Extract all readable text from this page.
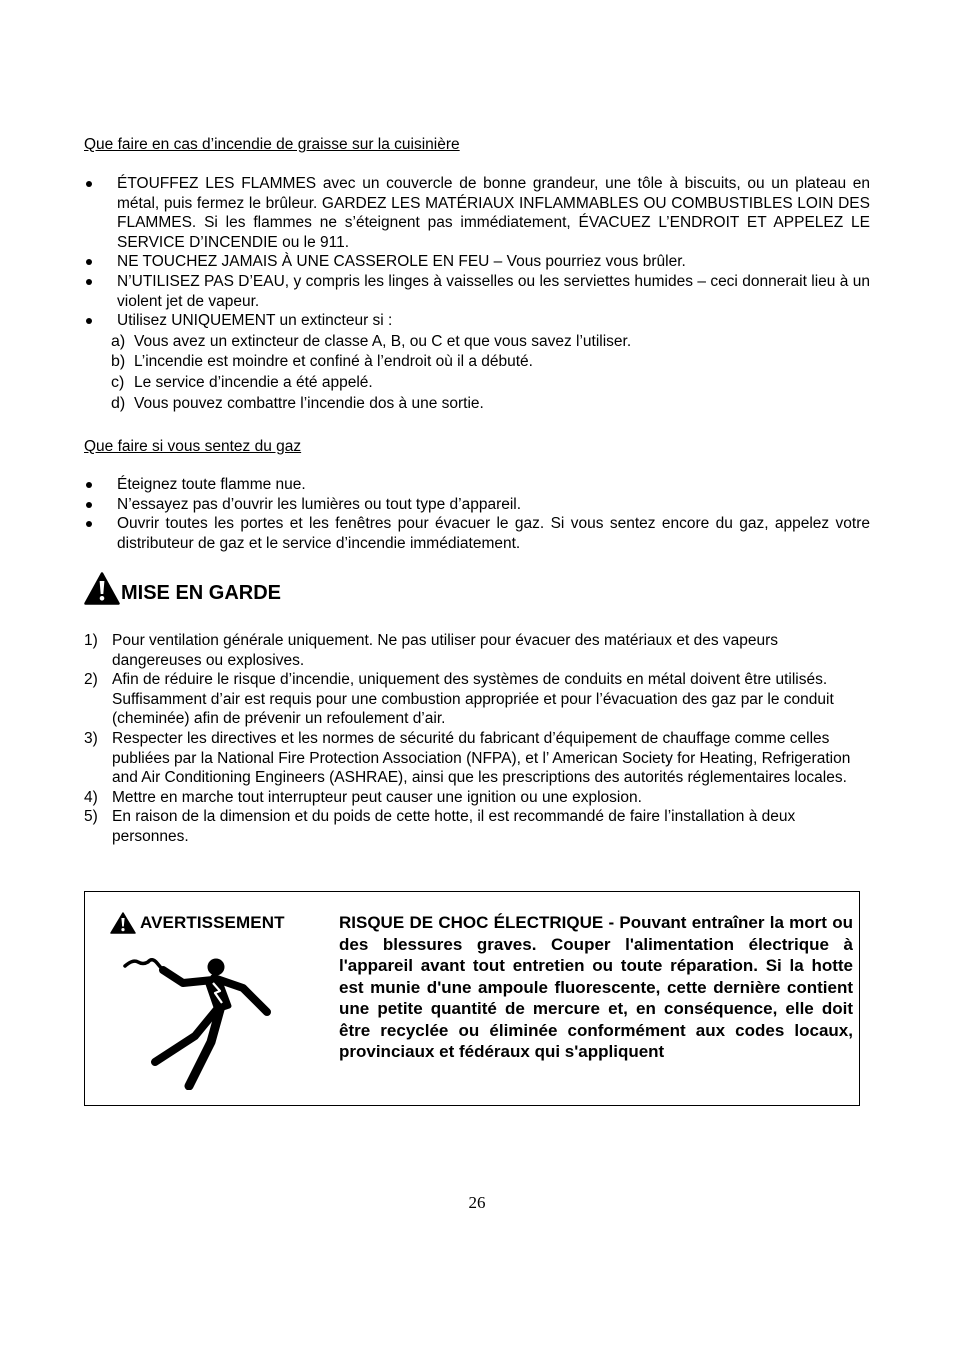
Que faire en cas d’incendie de graisse sur la cuisinière
ÉTOUFFEZ LES FLAMMES avec un couvercle de bonne grandeur, une tôle à biscuits, ou un plateau en métal, puis fermez le brûleur. GARDEZ LES MATÉRIAUX INFLAMMABLES OU COMBUSTIBLES LOIN DES FLAMMES. Si les flammes ne s’éteignent pas immédiatement, ÉVACUEZ L’ENDROIT ET APPELEZ LE SERVICE D’INCENDIE ou le 911.
NE TOUCHEZ JAMAIS À UNE CASSEROLE EN FEU – Vous pourriez vous brûler.
N’UTILISEZ PAS D’EAU, y compris les linges à vaisselles ou les serviettes humides – ceci donnerait lieu à un violent jet de vapeur.
Utilisez UNIQUEMENT un extincteur si :
a) Vous avez un extincteur de classe A, B, ou C et que vous savez l’utiliser.
b) L’incendie est moindre et confiné à l’endroit où il a débuté.
c) Le service d’incendie a été appelé.
d) Vous pouvez combattre l’incendie dos à une sortie.
Que faire si vous sentez du gaz
Éteignez toute flamme nue.
N’essayez pas d’ouvrir les lumières ou tout type d’appareil.
Ouvrir toutes les portes et les fenêtres pour évacuer le gaz. Si vous sentez encore du gaz, appelez votre distributeur de gaz et le service d’incendie immédiatement.
MISE EN GARDE
1) Pour ventilation générale uniquement. Ne pas utiliser pour évacuer des matériaux et des vapeurs dangereuses ou explosives.
2) Afin de réduire le risque d’incendie, uniquement des systèmes de conduits en métal doivent être utilisés. Suffisamment d’air est requis pour une combustion appropriée et pour l’évacuation des gaz par le conduit (cheminée) afin de prévenir un refoulement d’air.
3) Respecter les directives et les normes de sécurité du fabricant d’équipement de chauffage comme celles publiées par la National Fire Protection Association (NFPA), et l’ American Society for Heating, Refrigeration and Air Conditioning Engineers (ASHRAE), ainsi que les prescriptions des autorités réglementaires locales.
4) Mettre en marche tout interrupteur peut causer une ignition ou une explosion.
5) En raison de la dimension et du poids de cette hotte, il est recommandé de faire l’installation à deux personnes.
AVERTISSEMENT	RISQUE DE CHOC ÉLECTRIQUE - Pouvant entraîner la mort ou des blessures graves. Couper l'alimentation électrique à l'appareil avant tout entretien ou toute réparation. Si la hotte est munie d'une ampoule fluorescente, cette dernière contient une petite quantité de mercure et, en conséquence, elle doit être recyclée ou éliminée conformément aux codes locaux, provinciaux et fédéraux qui s'appliquent

26
